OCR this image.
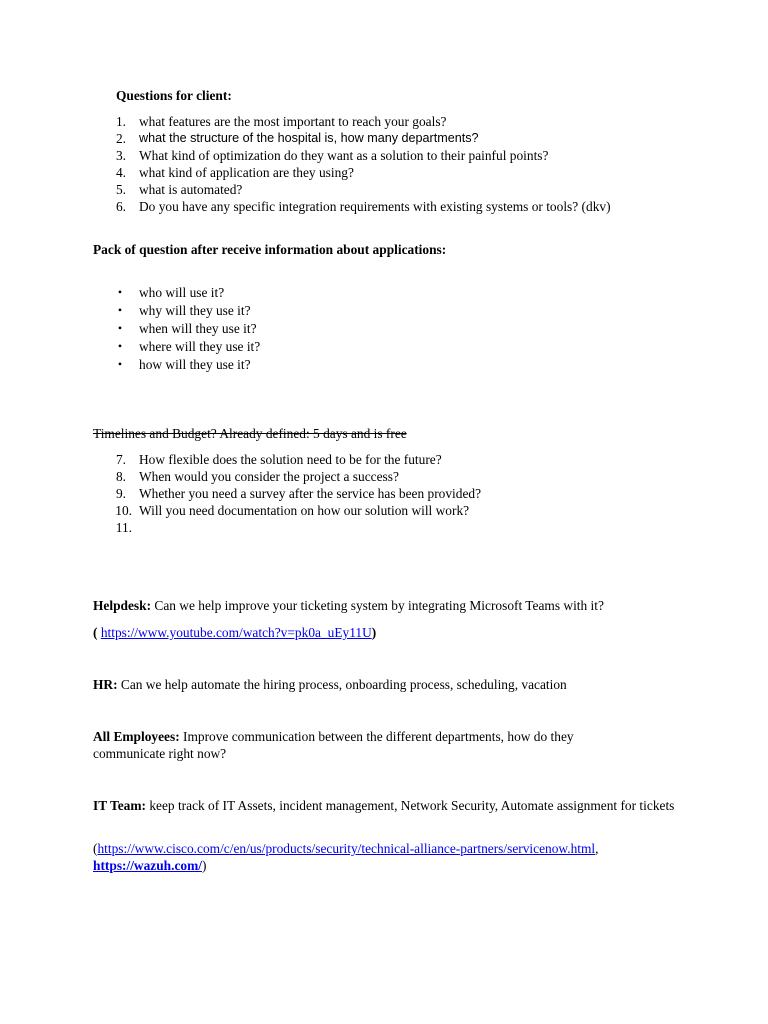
Questions for client:
1. what features are the most important to reach your goals?
2. what the structure of the hospital is, how many departments?
3. What kind of optimization do they want as a solution to their painful points?
4. what kind of application are they using?
5. what is automated?
6. Do you have any specific integration requirements with existing systems or tools? (dkv)
Pack of question after receive information about applications:
• who will use it?
• why will they use it?
• when will they use it?
• where will they use it?
• how will they use it?
Timelines and Budget? Already defined: 5 days and is free
7. How flexible does the solution need to be for the future?
8. When would you consider the project a success?
9. Whether you need a survey after the service has been provided?
10. Will you need documentation on how our solution will work?
11.
Helpdesk: Can we help improve your ticketing system by integrating Microsoft Teams with it?
( https://www.youtube.com/watch?v=pk0a_uEy11U)
HR: Can we help automate the hiring process, onboarding process, scheduling, vacation
All Employees: Improve communication between the different departments, how do they communicate right now?
IT Team: keep track of IT Assets, incident management, Network Security, Automate assignment for tickets
(https://www.cisco.com/c/en/us/products/security/technical-alliance-partners/servicenow.html,
https://wazuh.com/)
